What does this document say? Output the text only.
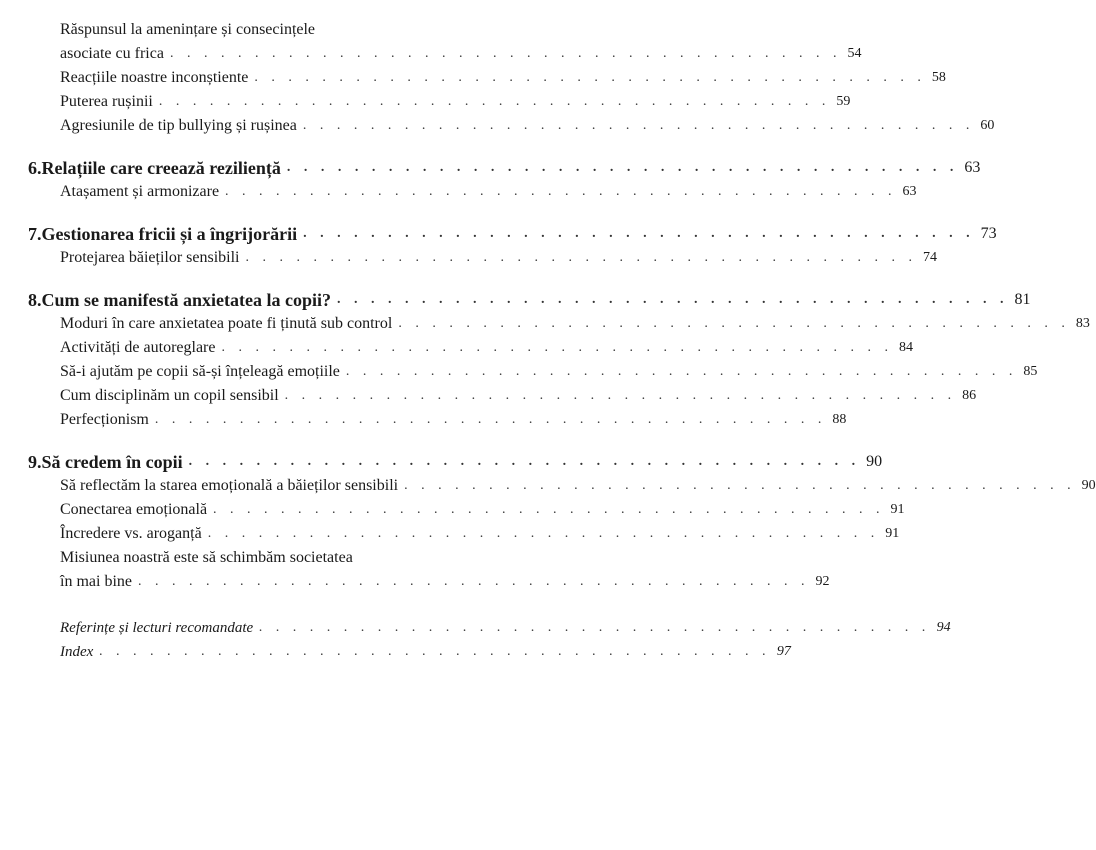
Răspunsul la amenințare și consecințele
asociate cu frica . . . . . . . . . . . . . . . . . . . . . . . . . . . . . . . . . . . . . . . . 54
Reacțiile noastre inconștiente . . . . . . . . . . . . . . . . . . . . . . . . . . . . . . . . . . . . . . . . 58
Puterea rușinii . . . . . . . . . . . . . . . . . . . . . . . . . . . . . . . . . . . . . . . . 59
Agresiunile de tip bullying și rușinea . . . . . . . . . . . . . . . . . . . . . . . . . . . . . . . . . . . . . . . . 60
6. Relațiile care creează reziliență . . . . . . . . . . . . . . . . . . . . . . . . . . . . . . . . . . . . . . . . 63
Atașament și armonizare . . . . . . . . . . . . . . . . . . . . . . . . . . . . . . . . . . . . . . . . 63
7. Gestionarea fricii și a îngrijorării . . . . . . . . . . . . . . . . . . . . . . . . . . . . . . . . . . . . . . . . 73
Protejarea băieților sensibili . . . . . . . . . . . . . . . . . . . . . . . . . . . . . . . . . . . . . . . . 74
8. Cum se manifestă anxietatea la copii? . . . . . . . . . . . . . . . . . . . . . . . . . . . . . . . . . . . . . . . . 81
Moduri în care anxietatea poate fi ținută sub control . . . . . . . . . . . . . . . . . . . . . . . . . . . . . . . . . . . . . . . . 83
Activități de autoreglare . . . . . . . . . . . . . . . . . . . . . . . . . . . . . . . . . . . . . . . . 84
Să-i ajutăm pe copii să-și înțeleagă emoțiile . . . . . . . . . . . . . . . . . . . . . . . . . . . . . . . . . . . . . . . . 85
Cum disciplinăm un copil sensibil . . . . . . . . . . . . . . . . . . . . . . . . . . . . . . . . . . . . . . . . 86
Perfecționism . . . . . . . . . . . . . . . . . . . . . . . . . . . . . . . . . . . . . . . . 88
9. Să credem în copii . . . . . . . . . . . . . . . . . . . . . . . . . . . . . . . . . . . . . . . . 90
Să reflectăm la starea emoțională a băieților sensibili . . . . . . . . . . . . . . . . . . . . . . . . . . . . . . . . . . . . . . . . 90
Conectarea emoțională . . . . . . . . . . . . . . . . . . . . . . . . . . . . . . . . . . . . . . . . 91
Încredere vs. aroganță . . . . . . . . . . . . . . . . . . . . . . . . . . . . . . . . . . . . . . . . 91
Misiunea noastră este să schimbăm societatea
în mai bine . . . . . . . . . . . . . . . . . . . . . . . . . . . . . . . . . . . . . . . . 92
Referințe și lecturi recomandate . . . . . . . . . . . . . . . . . . . . . . . . . . . . . . . . . . . . . . . . 94
Index . . . . . . . . . . . . . . . . . . . . . . . . . . . . . . . . . . . . . . . . 97
